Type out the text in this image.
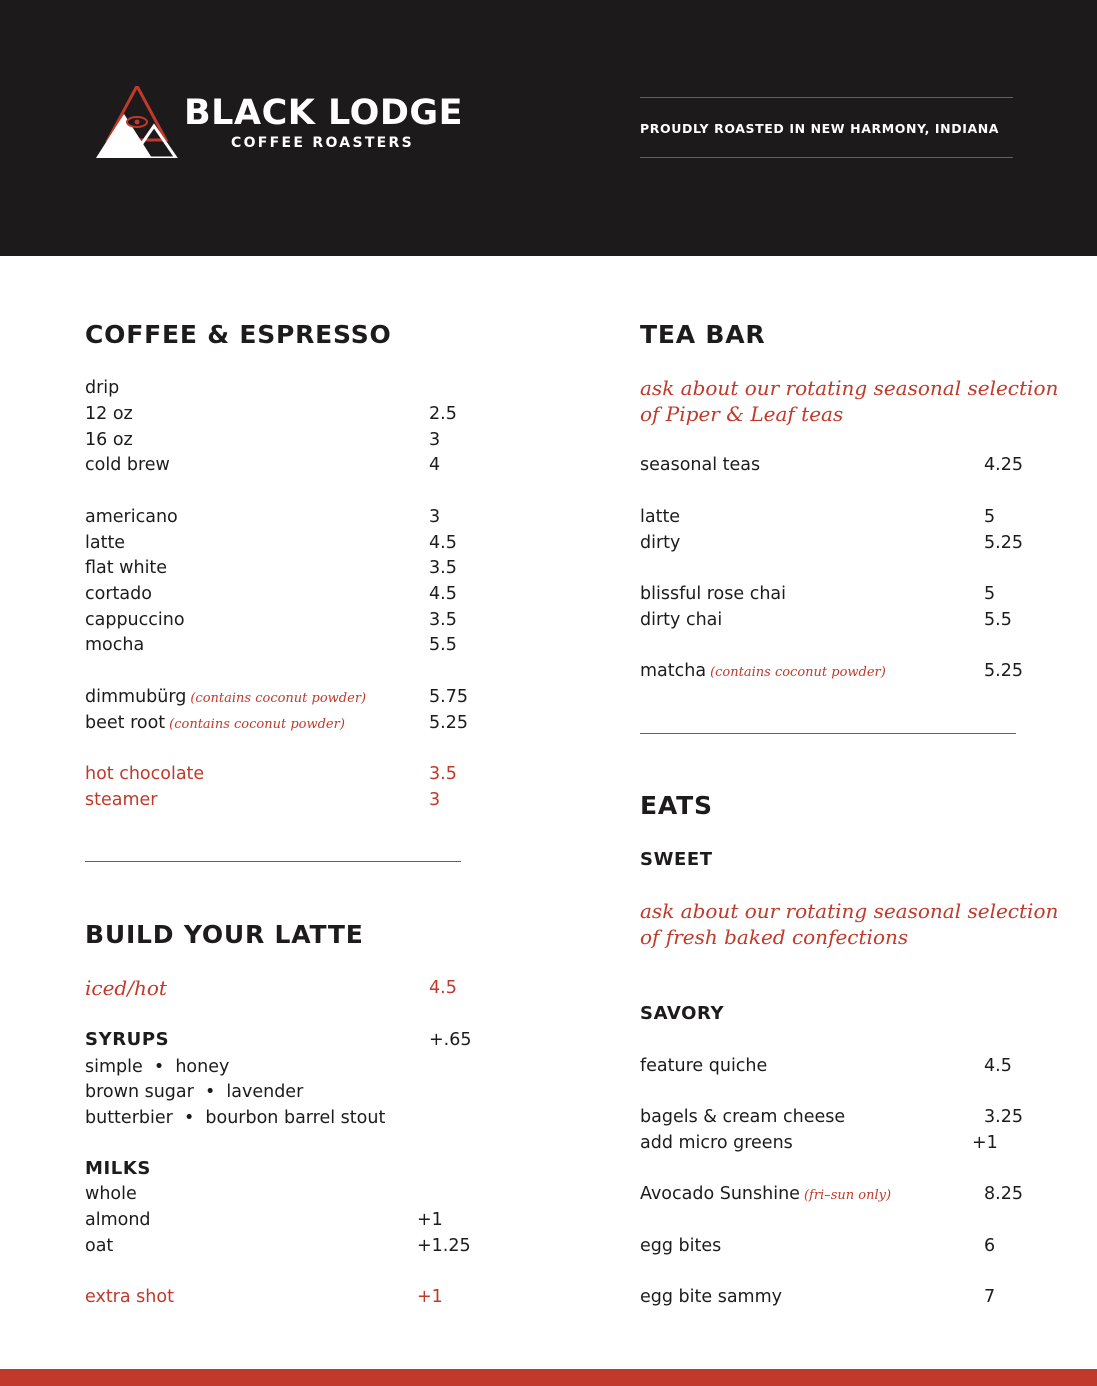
BLACK LODGE
COFFEE ROASTERS
PROUDLY ROASTED IN NEW HARMONY, INDIANA
COFFEE & ESPRESSO
drip
12 oz	2.5
16 oz	3
cold brew	4
americano	3
latte	4.5
flat white	3.5
cortado	4.5
cappuccino	3.5
mocha	5.5
dimmubürg (contains coconut powder)	5.75
beet root (contains coconut powder)	5.25
hot chocolate	3.5
steamer	3
BUILD YOUR LATTE
iced/hot	4.5
SYRUPS	+.65

simple  •  honey

brown sugar  •  lavender
butterbier  •  bourbon barrel stout
MILKS
whole
almond	+1
oat	+1.25
extra shot	+1
TEA BAR
ask about our rotating seasonal selection
of Piper & Leaf teas
seasonal teas	4.25
latte	5
dirty	5.25
blissful rose chai	5
dirty chai	5.5
matcha (contains coconut powder)	5.25
EATS
SWEET
ask about our rotating seasonal selection
of fresh baked confections
SAVORY
feature quiche	4.5
bagels & cream cheese	3.25
add micro greens	+1
Avocado Sunshine (fri–sun only)	8.25
egg bites	6
egg bite sammy	7
